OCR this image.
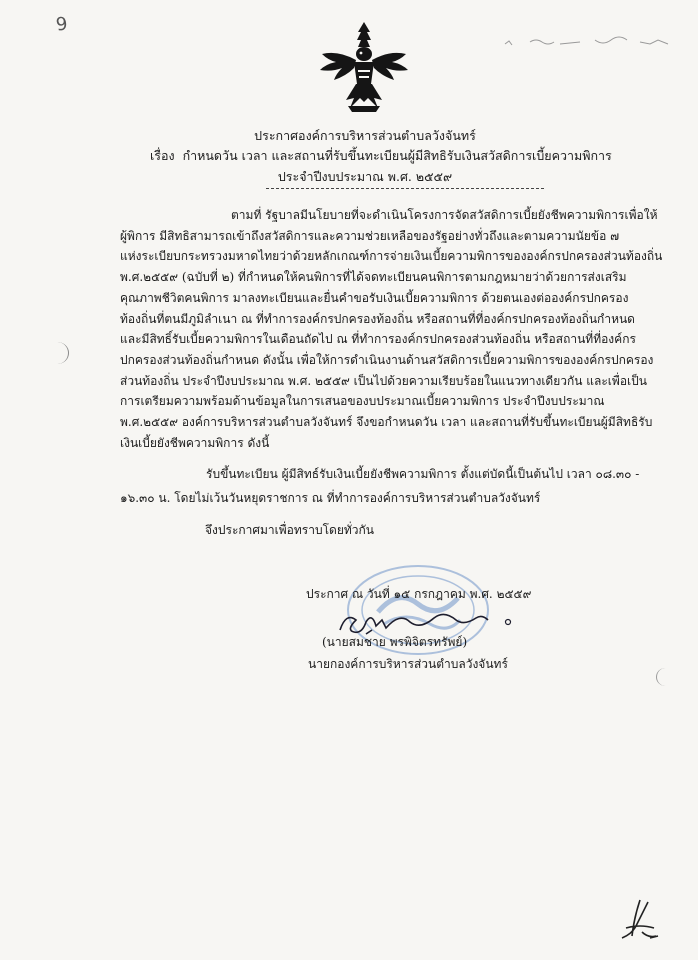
9
ประกาศองค์การบริหารส่วนตำบลวังจันทร์
เรื่อง กำหนดวัน เวลา และสถานที่รับขึ้นทะเบียนผู้มีสิทธิรับเงินสวัสดิการเบี้ยความพิการ
ประจำปีงบประมาณ พ.ศ. ๒๕๕๙
ตามที่ รัฐบาลมีนโยบายที่จะดำเนินโครงการจัดสวัสดิการเบี้ยยังชีพความพิการเพื่อให้
ผู้พิการ มีสิทธิสามารถเข้าถึงสวัสดิการและความช่วยเหลือของรัฐอย่างทั่วถึงและตามความนัยข้อ ๗
แห่งระเบียบกระทรวงมหาดไทยว่าด้วยหลักเกณฑ์การจ่ายเงินเบี้ยความพิการขององค์กรปกครองส่วนท้องถิ่น
พ.ศ.๒๕๕๙ (ฉบับที่ ๒) ที่กำหนดให้คนพิการที่ได้จดทะเบียนคนพิการตามกฎหมายว่าด้วยการส่งเสริม
คุณภาพชีวิตคนพิการ มาลงทะเบียนและยื่นคำขอรับเงินเบี้ยความพิการ ด้วยตนเองต่อองค์กรปกครอง
ท้องถิ่นที่ตนมีภูมิลำเนา ณ ที่ทำการองค์กรปกครองท้องถิ่น หรือสถานที่ที่องค์กรปกครองท้องถิ่นกำหนด
และมีสิทธิ์รับเบี้ยความพิการในเดือนถัดไป ณ ที่ทำการองค์กรปกครองส่วนท้องถิ่น หรือสถานที่ที่องค์กร
ปกครองส่วนท้องถิ่นกำหนด ดังนั้น เพื่อให้การดำเนินงานด้านสวัสดิการเบี้ยความพิการขององค์กรปกครอง
ส่วนท้องถิ่น ประจำปีงบประมาณ พ.ศ. ๒๕๕๙ เป็นไปด้วยความเรียบร้อยในแนวทางเดียวกัน และเพื่อเป็น
การเตรียมความพร้อมด้านข้อมูลในการเสนอของบประมาณเบี้ยความพิการ ประจำปีงบประมาณ
พ.ศ.๒๕๕๙ องค์การบริหารส่วนตำบลวังจันทร์ จึงขอกำหนดวัน เวลา และสถานที่รับขึ้นทะเบียนผู้มีสิทธิรับ
เงินเบี้ยยังชีพความพิการ ดังนี้
รับขึ้นทะเบียน ผู้มีสิทธ์รับเงินเบี้ยยังชีพความพิการ ตั้งแต่บัดนี้เป็นต้นไป เวลา ๐๘.๓๐ -
๑๖.๓๐ น. โดยไม่เว้นวันหยุดราชการ ณ ที่ทำการองค์การบริหารส่วนตำบลวังจันทร์
จึงประกาศมาเพื่อทราบโดยทั่วกัน
ประกาศ ณ วันที่ ๑๕ กรกฎาคม พ.ศ. ๒๕๕๙
(นายสมชาย พรพิจิตรทรัพย์)
นายกองค์การบริหารส่วนตำบลวังจันทร์
